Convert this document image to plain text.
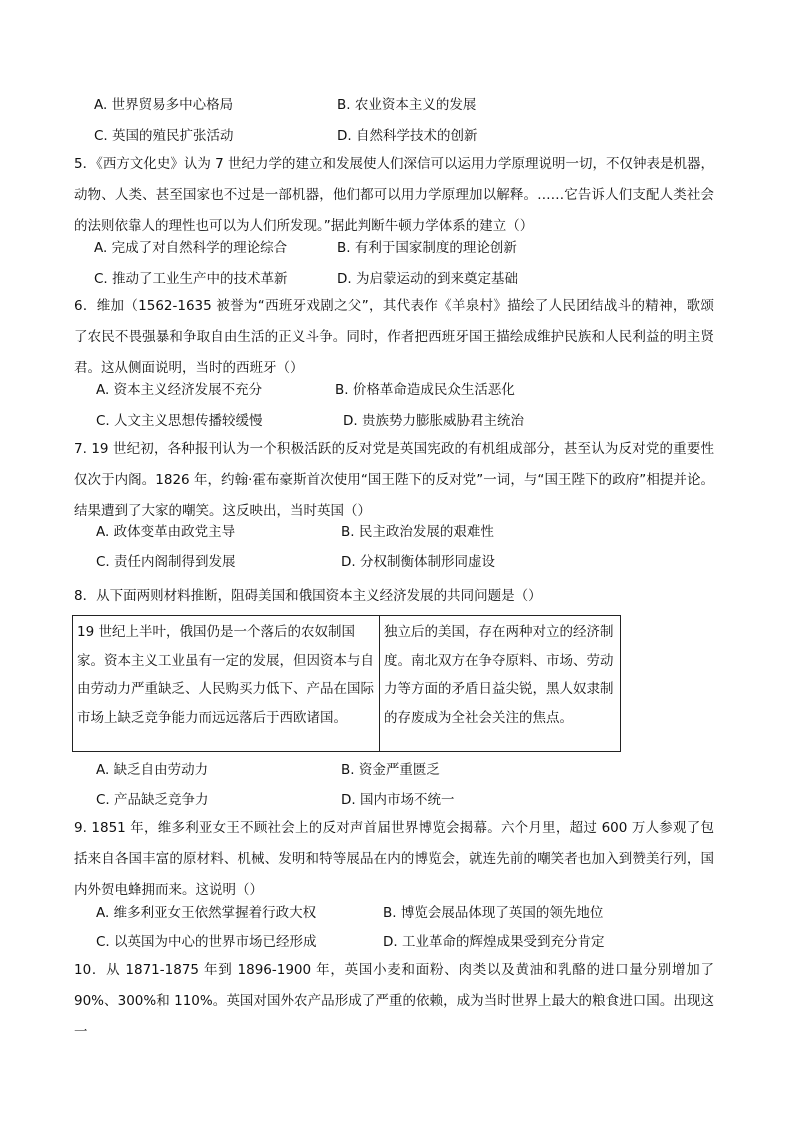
A. 世界贸易多中心格局	B. 农业资本主义的发展
C. 英国的殖民扩张活动	D. 自然科学技术的创新

5．《西方文化史》认为 7 世纪力学的建立和发展使人们深信可以运用力学原理说明一切，不仅钟表是机器，动物、人类、甚至国家也不过是一部机器，他们都可以用力学原理加以解释。……它告诉人们支配人类社会的法则依靠人的理性也可以为人们所发现。”据此判断牛顿力学体系的建立（）

A. 完成了对自然科学的理论综合	B. 有利于国家制度的理论创新
C. 推动了工业生产中的技术革新	D. 为启蒙运动的到来奠定基础

6．维加（1562-1635 被誉为“西班牙戏剧之父”，其代表作《羊泉村》描绘了人民团结战斗的精神，歌颂了农民不畏强暴和争取自由生活的正义斗争。同时，作者把西班牙国王描绘成维护民族和人民利益的明主贤君。这从侧面说明，当时的西班牙（）

A. 资本主义经济发展不充分	B. 价格革命造成民众生活恶化
C. 人文主义思想传播较缓慢	D. 贵族势力膨胀威胁君主统治

7. 19 世纪初，各种报刊认为一个积极活跃的反对党是英国宪政的有机组成部分，甚至认为反对党的重要性仅次于内阁。1826 年，约翰·霍布豪斯首次使用“国王陛下的反对党”一词，与“国王陛下的政府”相提并论。结果遭到了大家的嘲笑。这反映出，当时英国（）

A. 政体变革由政党主导	B. 民主政治发展的艰难性
C. 责任内阁制得到发展	D. 分权制衡体制形同虚设
8．从下面两则材料推断，阻碍美国和俄国资本主义经济发展的共同问题是（）
19 世纪上半叶，俄国仍是一个落后的农奴制国家。资本主义工业虽有一定的发展，但因资本与自由劳动力严重缺乏、人民购买力低下、产品在国际市场上缺乏竞争能力而远远落后于西欧诸国。	独立后的美国，存在两种对立的经济制度。南北双方在争夺原料、市场、劳动力等方面的矛盾日益尖锐，黑人奴隶制的存废成为全社会关注的焦点。
A. 缺乏自由劳动力	B. 资金严重匮乏
C. 产品缺乏竞争力	D. 国内市场不统一

9. 1851 年，维多利亚女王不顾社会上的反对声首届世界博览会揭幕。六个月里，超过 600 万人参观了包括来自各国丰富的原材料、机械、发明和特等展品在内的博览会，就连先前的嘲笑者也加入到赞美行列，国内外贺电蜂拥而来。这说明（）

A. 维多利亚女王依然掌握着行政大权	B. 博览会展品体现了英国的领先地位
C. 以英国为中心的世界市场已经形成	D. 工业革命的辉煌成果受到充分肯定

10．从 1871-1875 年到 1896-1900 年，英国小麦和面粉、肉类以及黄油和乳酪的进口量分别增加了 90%、300%和 110%。英国对国外农产品形成了严重的依赖，成为当时世界上最大的粮食进口国。出现这一
